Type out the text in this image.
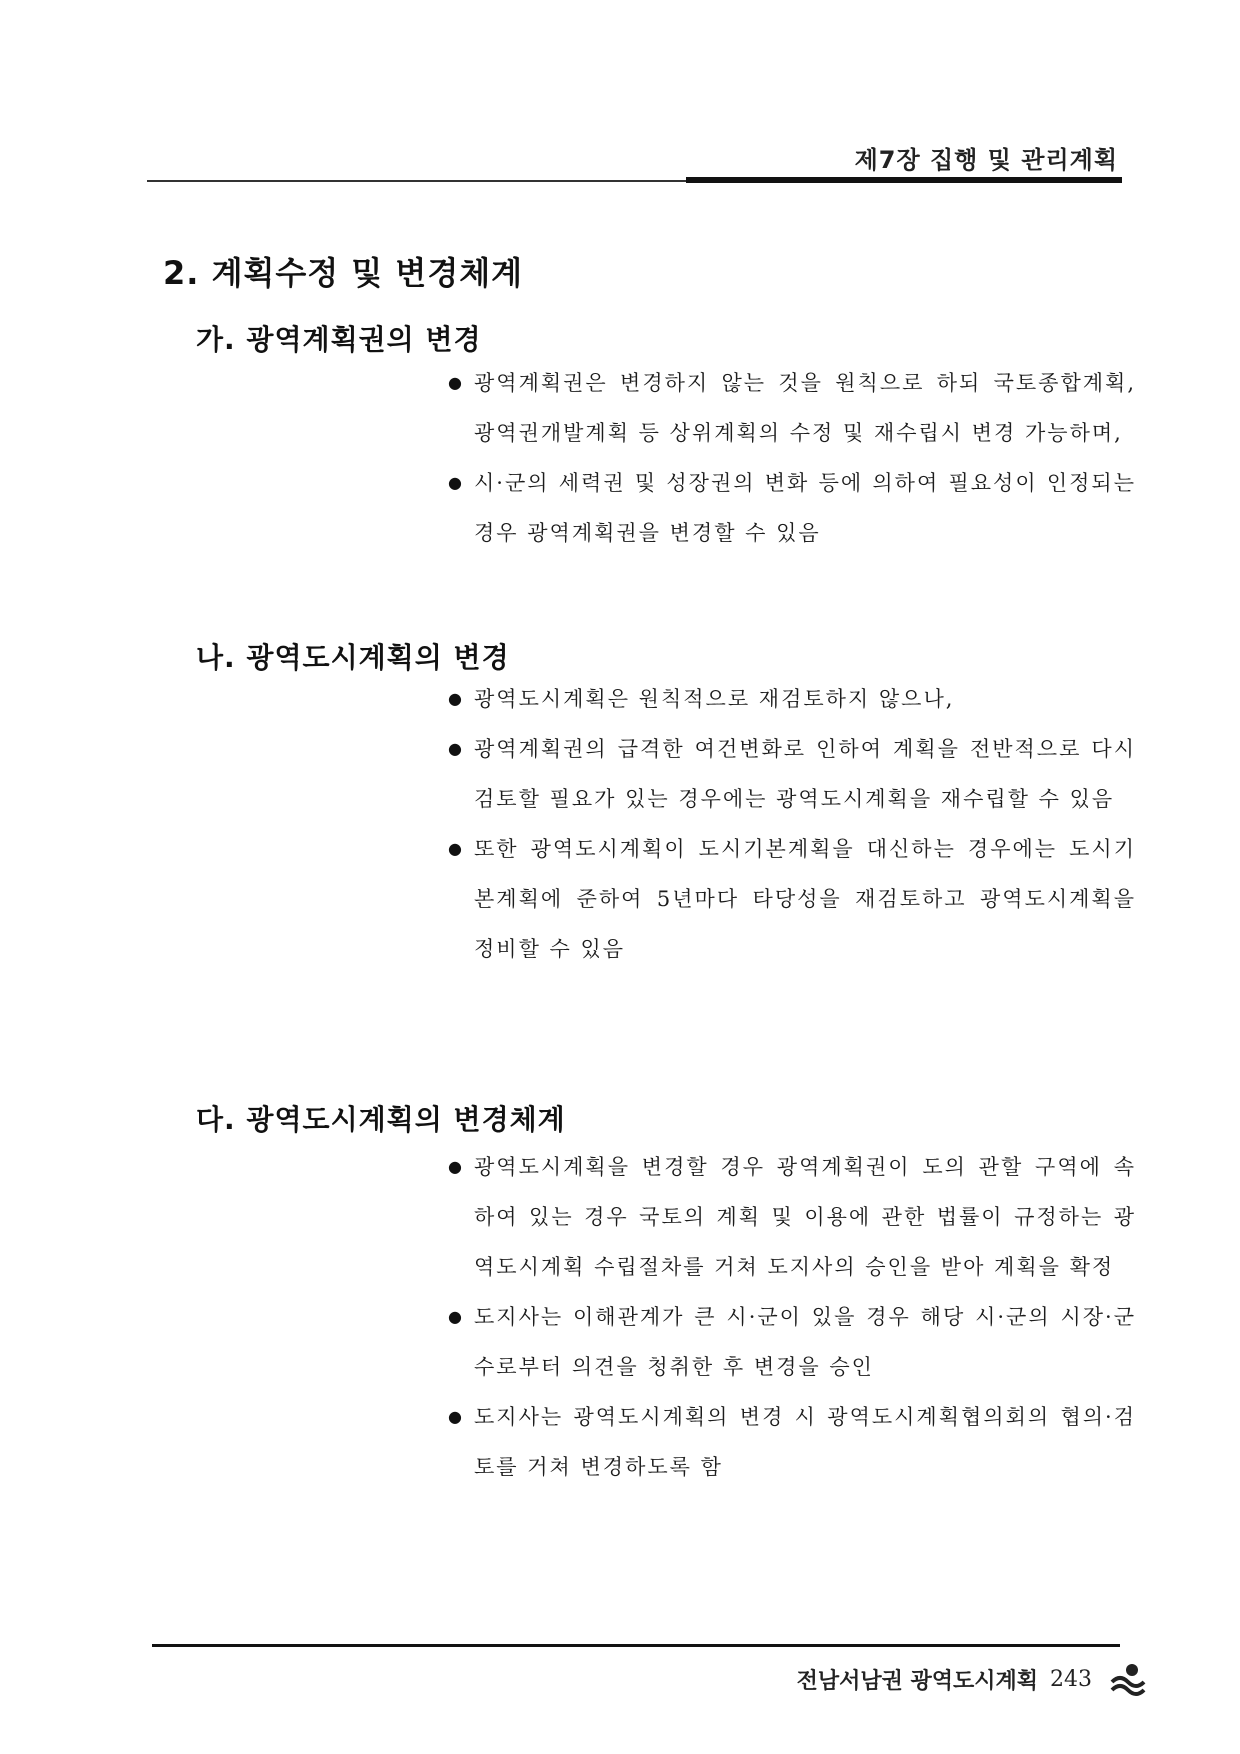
제7장 집행 및 관리계획
2. 계획수정 및 변경체계
가. 광역계획권의 변경
● 광역계획권은 변경하지 않는 것을 원칙으로 하되 국토종합계획, 광역권개발계획 등 상위계획의 수정 및 재수립시 변경 가능하며,
● 시·군의 세력권 및 성장권의 변화 등에 의하여 필요성이 인정되는 경우 광역계획권을 변경할 수 있음
나. 광역도시계획의 변경
● 광역도시계획은 원칙적으로 재검토하지 않으나,
● 광역계획권의 급격한 여건변화로 인하여 계획을 전반적으로 다시 검토할 필요가 있는 경우에는 광역도시계획을 재수립할 수 있음
● 또한 광역도시계획이 도시기본계획을 대신하는 경우에는 도시기본계획에 준하여 5년마다 타당성을 재검토하고 광역도시계획을 정비할 수 있음
다. 광역도시계획의 변경체계
● 광역도시계획을 변경할 경우 광역계획권이 도의 관할 구역에 속하여 있는 경우 국토의 계획 및 이용에 관한 법률이 규정하는 광역도시계획 수립절차를 거쳐 도지사의 승인을 받아 계획을 확정
● 도지사는 이해관계가 큰 시·군이 있을 경우 해당 시·군의 시장·군수로부터 의견을 청취한 후 변경을 승인
● 도지사는 광역도시계획의 변경 시 광역도시계획협의회의 협의·검토를 거쳐 변경하도록 함
전남서남권 광역도시계획 243
